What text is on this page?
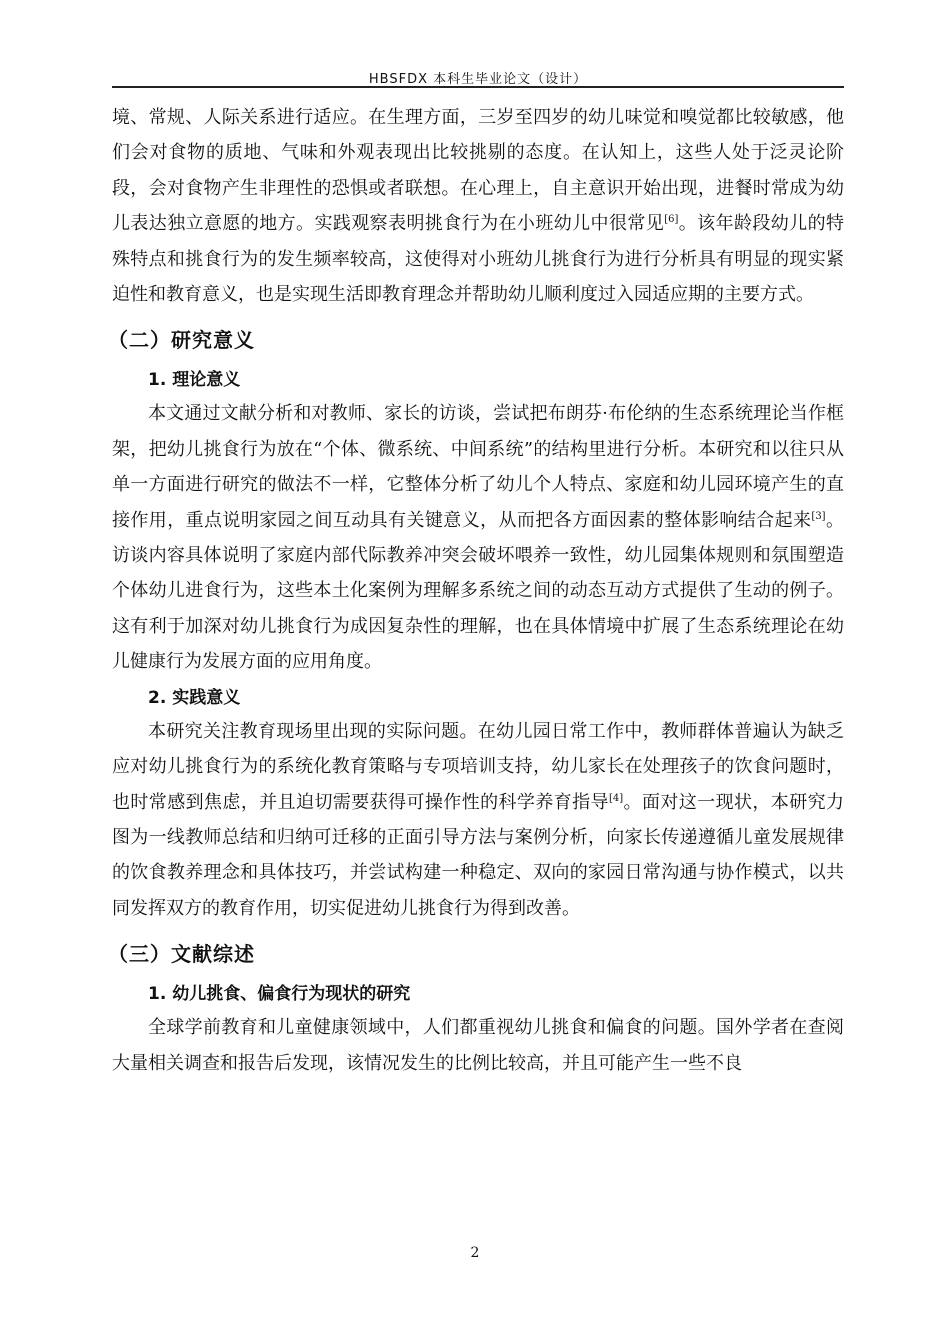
HBSFDX 本科生毕业论文（设计）

境、常规、人际关系进行适应。在生理方面，三岁至四岁的幼儿味觉和嗅觉都比较敏感，他们会对食物的质地、气味和外观表现出比较挑剔的态度。在认知上，这些人处于泛灵论阶段，会对食物产生非理性的恐惧或者联想。在心理上，自主意识开始出现，进餐时常成为幼儿表达独立意愿的地方。实践观察表明挑食行为在小班幼儿中很常见[6]。该年龄段幼儿的特殊特点和挑食行为的发生频率较高，这使得对小班幼儿挑食行为进行分析具有明显的现实紧迫性和教育意义，也是实现生活即教育理念并帮助幼儿顺利度过入园适应期的主要方式。

（二）研究意义
1. 理论意义

本文通过文献分析和对教师、家长的访谈，尝试把布朗芬·布伦纳的生态系统理论当作框架，把幼儿挑食行为放在“个体、微系统、中间系统”的结构里进行分析。本研究和以往只从单一方面进行研究的做法不一样，它整体分析了幼儿个人特点、家庭和幼儿园环境产生的直接作用，重点说明家园之间互动具有关键意义，从而把各方面因素的整体影响结合起来[3]。访谈内容具体说明了家庭内部代际教养冲突会破坏喂养一致性，幼儿园集体规则和氛围塑造个体幼儿进食行为，这些本土化案例为理解多系统之间的动态互动方式提供了生动的例子。这有利于加深对幼儿挑食行为成因复杂性的理解，也在具体情境中扩展了生态系统理论在幼儿健康行为发展方面的应用角度。

2. 实践意义

本研究关注教育现场里出现的实际问题。在幼儿园日常工作中，教师群体普遍认为缺乏应对幼儿挑食行为的系统化教育策略与专项培训支持，幼儿家长在处理孩子的饮食问题时，也时常感到焦虑，并且迫切需要获得可操作性的科学养育指导[4]。面对这一现状，本研究力图为一线教师总结和归纳可迁移的正面引导方法与案例分析，向家长传递遵循儿童发展规律的饮食教养理念和具体技巧，并尝试构建一种稳定、双向的家园日常沟通与协作模式，以共同发挥双方的教育作用，切实促进幼儿挑食行为得到改善。

（三）文献综述
1. 幼儿挑食、偏食行为现状的研究

全球学前教育和儿童健康领域中，人们都重视幼儿挑食和偏食的问题。国外学者在查阅大量相关调查和报告后发现，该情况发生的比例比较高，并且可能产生一些不良

2
